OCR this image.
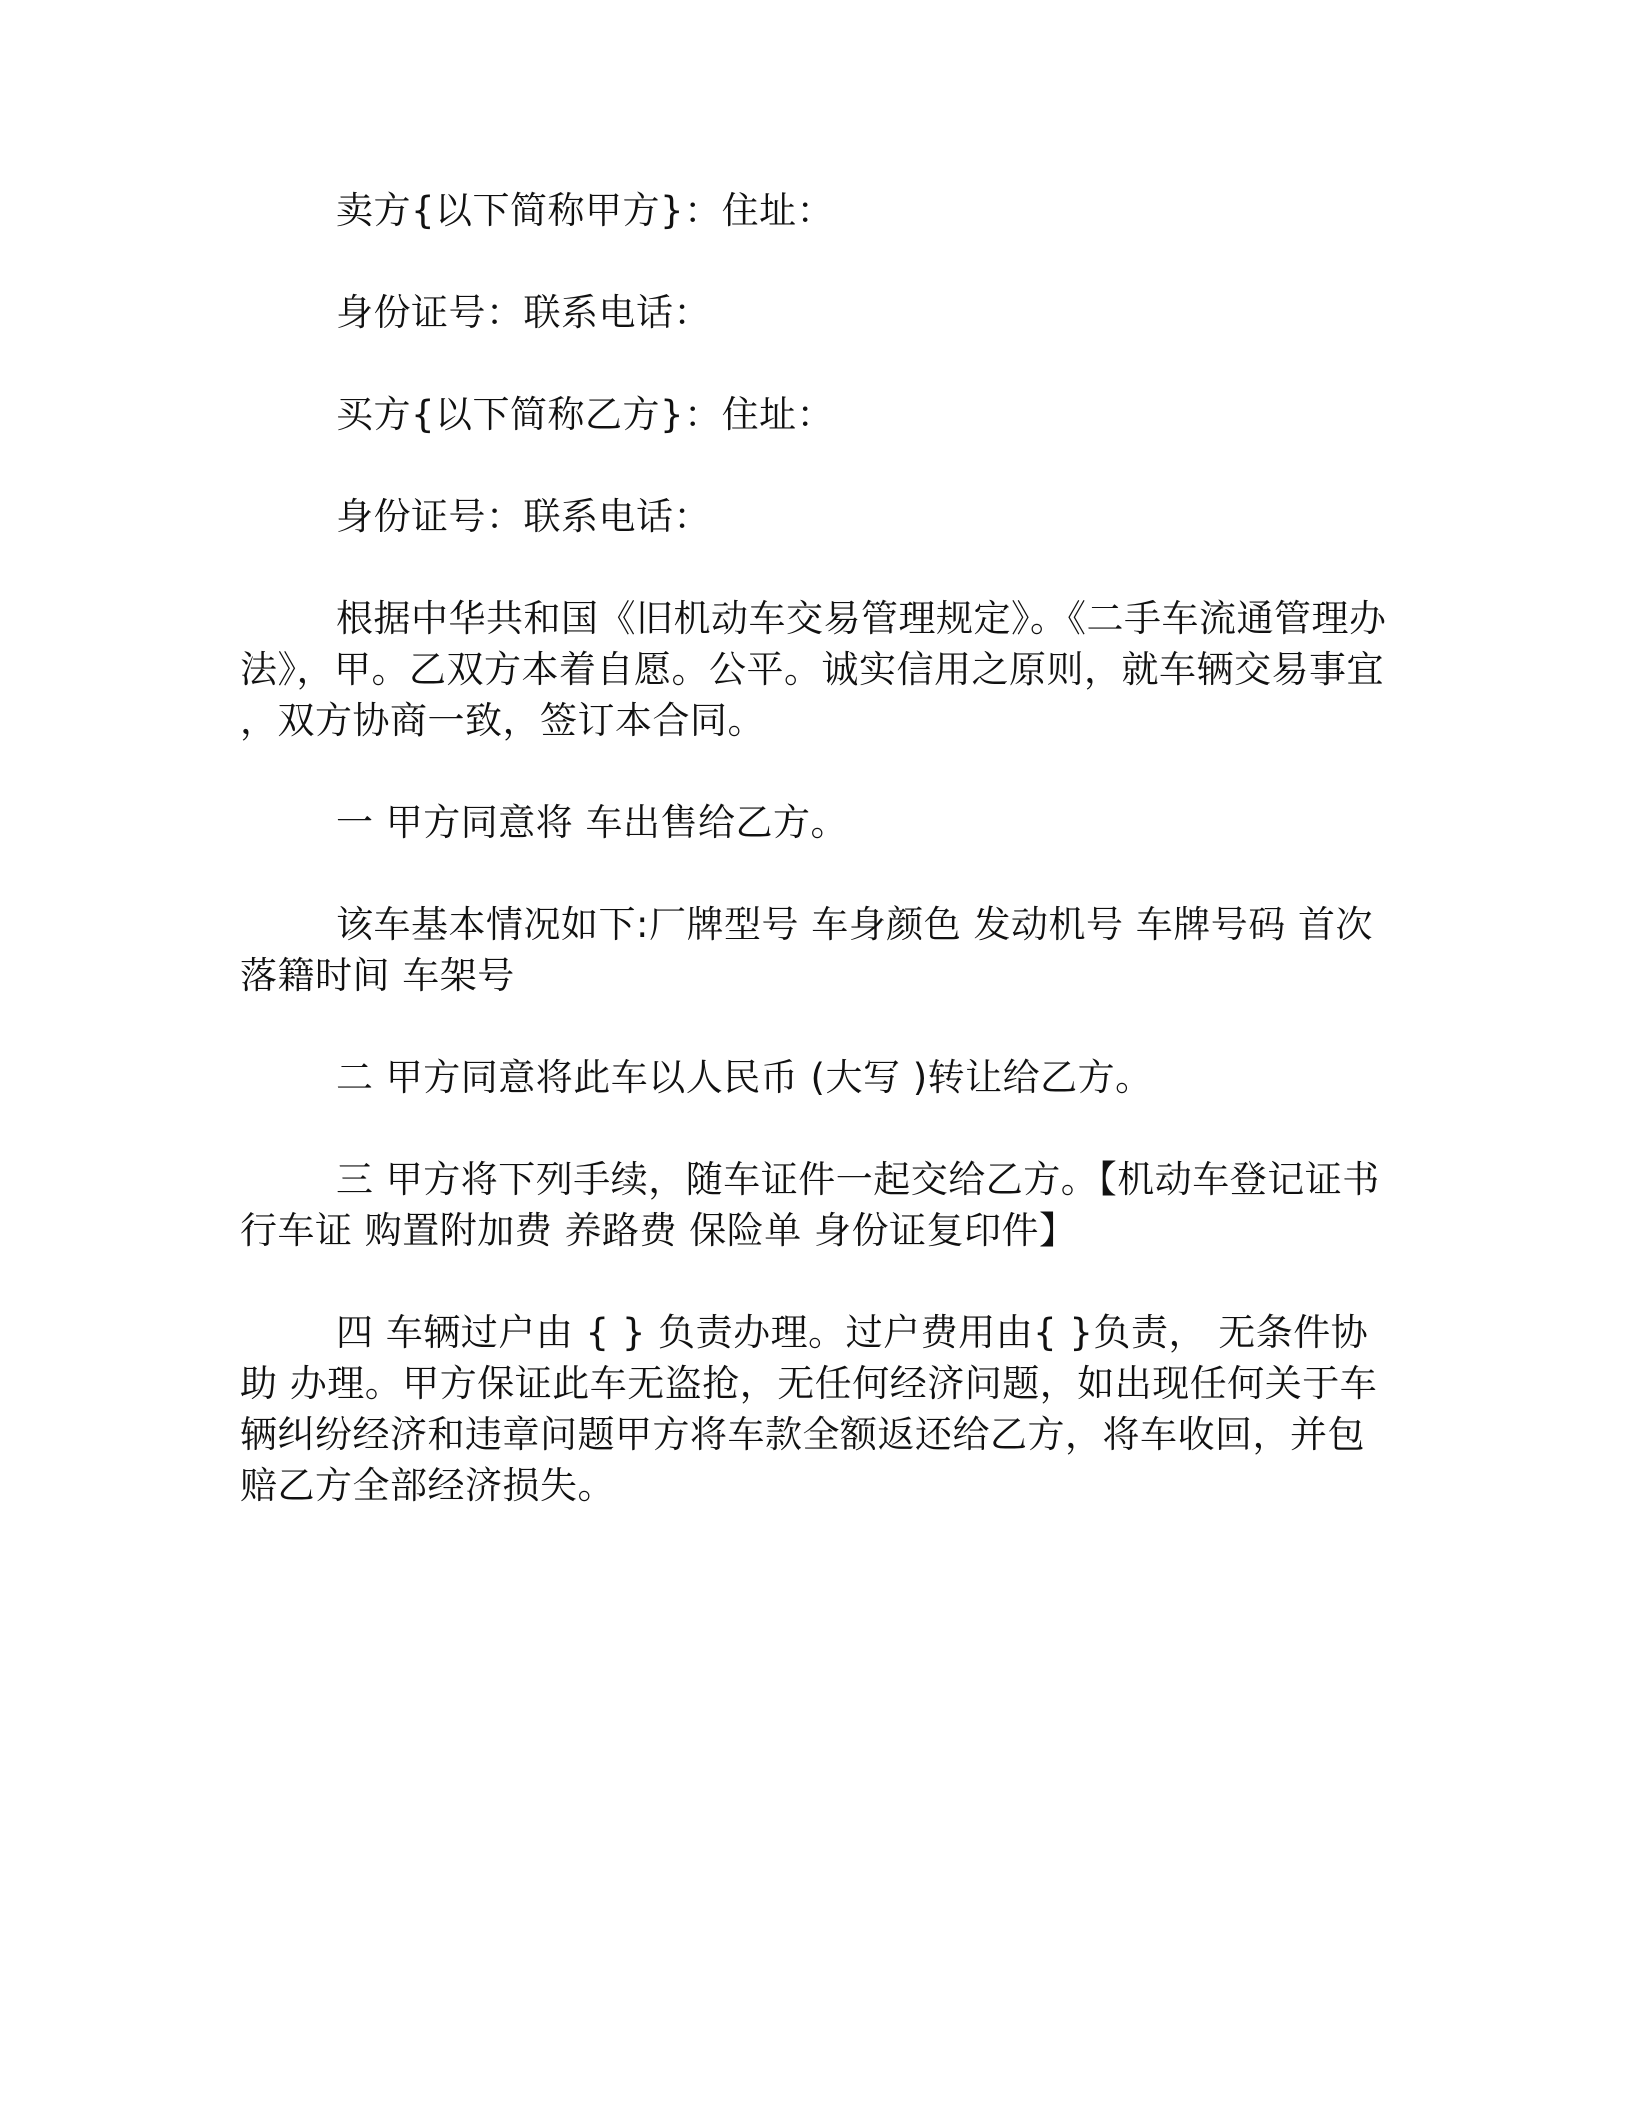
卖方{以下简称甲方}：住址：

身份证号：联系电话：

买方{以下简称乙方}：住址：

身份证号：联系电话：

根据中华共和国《旧机动车交易管理规定》。《二手车流通管理办法》，甲。乙双方本着自愿。公平。诚实信用之原则，就车辆交易事宜，双方协商一致，签订本合同。

一 甲方同意将 车出售给乙方。

该车基本情况如下:厂牌型号 车身颜色 发动机号 车牌号码 首次落籍时间 车架号

二 甲方同意将此车以人民币 (大写 )转让给乙方。

三 甲方将下列手续，随车证件一起交给乙方。【机动车登记证书行车证 购置附加费 养路费 保险单 身份证复印件】

四 车辆过户由 { } 负责办理。过户费用由{ }负责， 无条件协助 办理。甲方保证此车无盗抢，无任何经济问题，如出现任何关于车辆纠纷经济和违章问题甲方将车款全额返还给乙方，将车收回，并包赔乙方全部经济损失。
